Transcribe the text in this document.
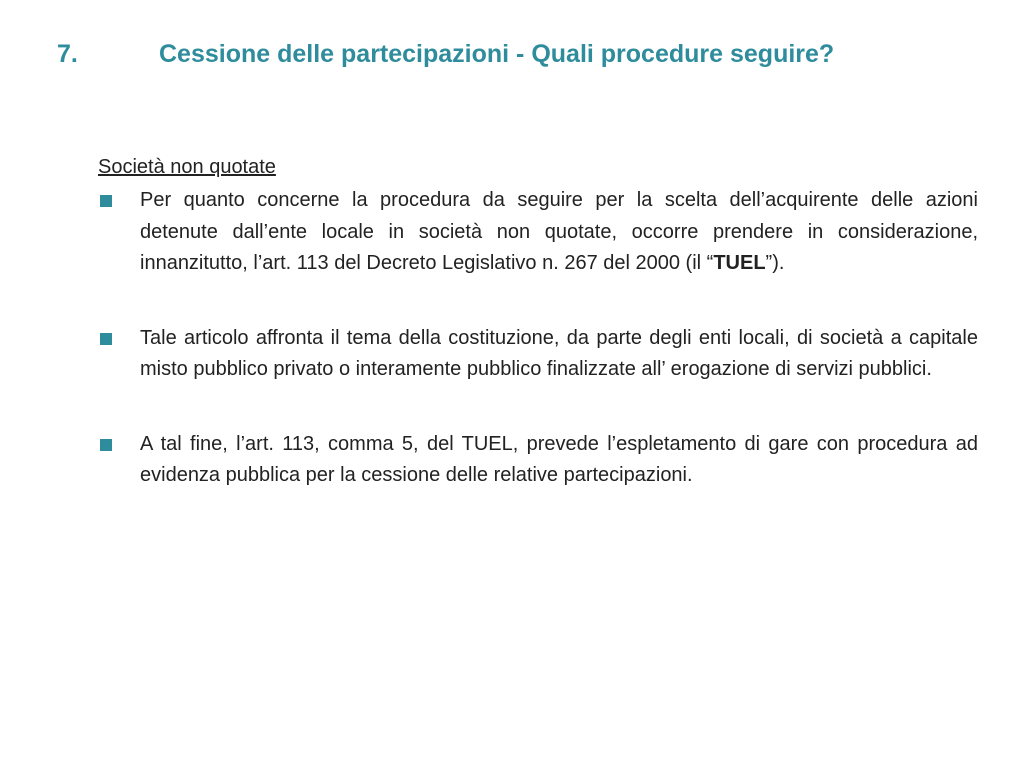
7.	Cessione delle partecipazioni - Quali procedure seguire?

Società non quotate

Per quanto concerne la procedura da seguire per la scelta dell’acquirente delle azioni detenute dall’ente locale in società non quotate, occorre prendere in considerazione, innanzitutto, l’art. 113 del Decreto Legislativo n. 267 del 2000 (il “TUEL”).

Tale articolo affronta il tema della costituzione, da parte degli enti locali, di società a capitale misto pubblico privato o interamente pubblico finalizzate all’ erogazione di servizi pubblici.

A tal fine, l’art. 113, comma 5, del TUEL, prevede l’espletamento di gare con procedura ad evidenza pubblica per la cessione delle relative partecipazioni.
